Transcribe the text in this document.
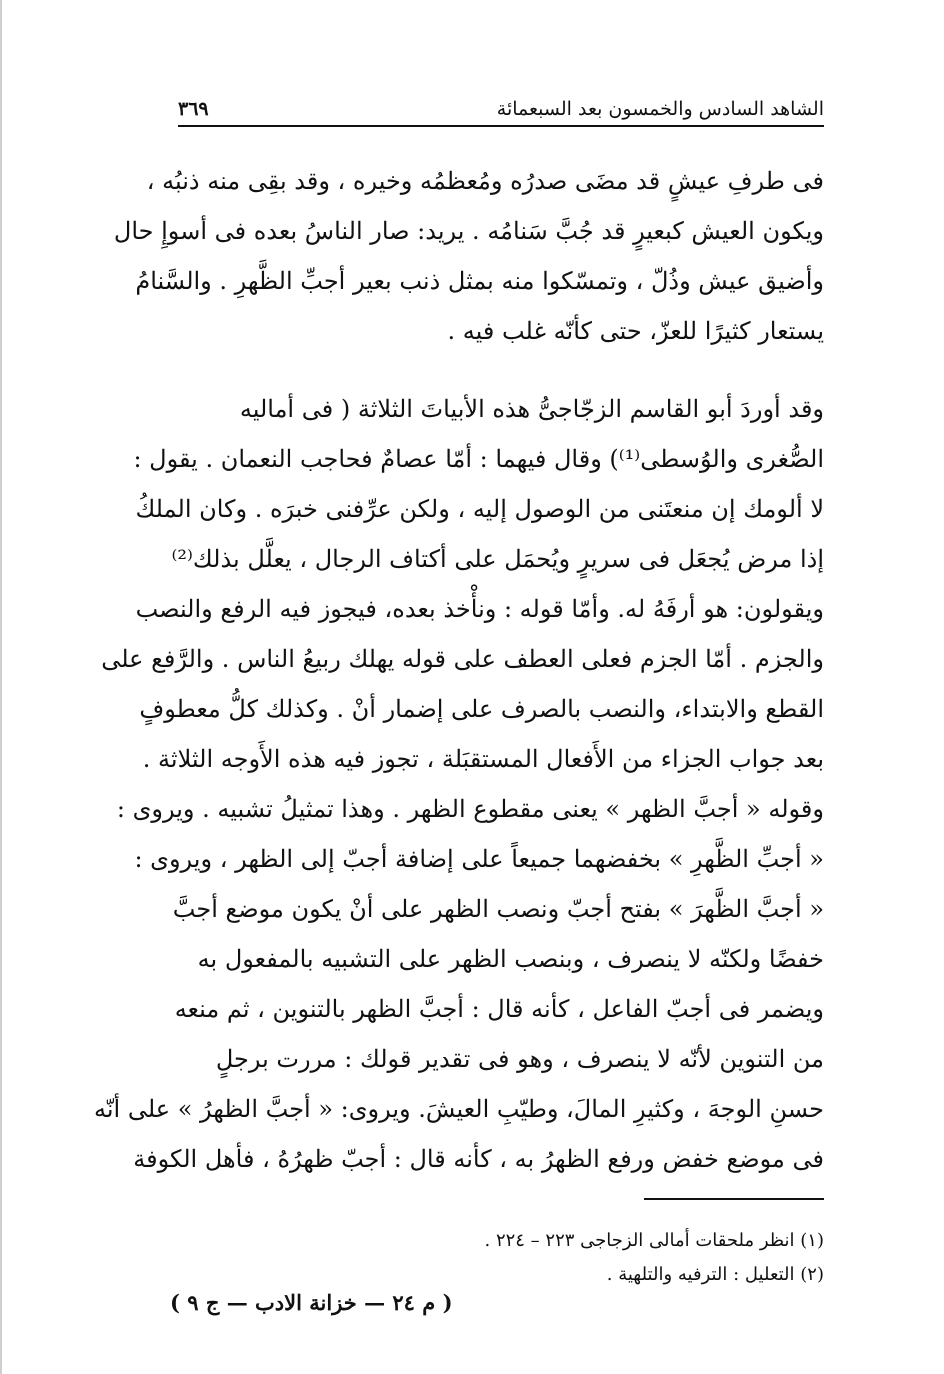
الشاهد السادس والخمسون بعد السبعمائة
٣٦٩
فى طرفِ عيشٍ قد مضَى صدرُه ومُعظمُه وخيره ، وقد بقِى منه ذنبُه ،
ويكون العيش كبعيرٍ قد جُبَّ سَنامُه . يريد: صار الناسُ بعده فى أسوإِ حال
وأضيق عيش وذُلّ ، وتمسّكوا منه بمثل ذنب بعير أجبِّ الظَّهرِ . والسَّنامُ
يستعار كثيرًا للعزّ، حتى كأنّه غلب فيه .
وقد أوردَ أبو القاسم الزجّاجىُّ هذه الأبياتَ الثلاثة ( فى أماليه
الصُّغرى والوُسطى⁽¹⁾) وقال فيهما : أمّا عصامٌ فحاجب النعمان . يقول :
لا ألومك إن منعتَنى من الوصول إليه ، ولكن عرِّفنى خبرَه . وكان الملكُ
إذا مرض يُجعَل فى سريرٍ ويُحمَل على أكتاف الرجال ، يعلَّل بذلك⁽²⁾
ويقولون: هو أرفَهُ له. وأمّا قوله : ونأْخذ بعده، فيجوز فيه الرفع والنصب
والجزم . أمّا الجزم فعلى العطف على قوله يهلك ربيعُ الناس . والرَّفع على
القطع والابتداء، والنصب بالصرف على إضمار أنْ . وكذلك كلُّ معطوفٍ
بعد جواب الجزاء من الأَفعال المستقبَلة ، تجوز فيه هذه الأَوجه الثلاثة .
وقوله « أجبَّ الظهر » يعنى مقطوع الظهر . وهذا تمثيلُ تشبيه . ويروى :
« أجبِّ الظَّهرِ » بخفضهما جميعاً على إضافة أجبّ إلى الظهر ، ويروى :
« أجبَّ الظَّهرَ » بفتح أجبّ ونصب الظهر على أنْ يكون موضع أجبَّ
خفضًا ولكنّه لا ينصرف ، وبنصب الظهر على التشبيه بالمفعول به
ويضمر فى أجبّ الفاعل ، كأنه قال : أجبَّ الظهر بالتنوين ، ثم منعه
من التنوين لأنّه لا ينصرف ، وهو فى تقدير قولك : مررت برجلٍ
حسنِ الوجهَ ، وكثيرِ المالَ، وطيّبِ العيشَ. ويروى: « أجبَّ الظهرُ » على أنّه
فى موضع خفض ورفع الظهرُ به ، كأنه قال : أجبّ ظهرُهُ ، فأهل الكوفة
(١) انظر ملحقات أمالى الزجاجى ٢٢٣ – ٢٢٤ .
(٢) التعليل : الترفيه والتلهية .
( م ٢٤ — خزانة الادب — ج ٩ )
